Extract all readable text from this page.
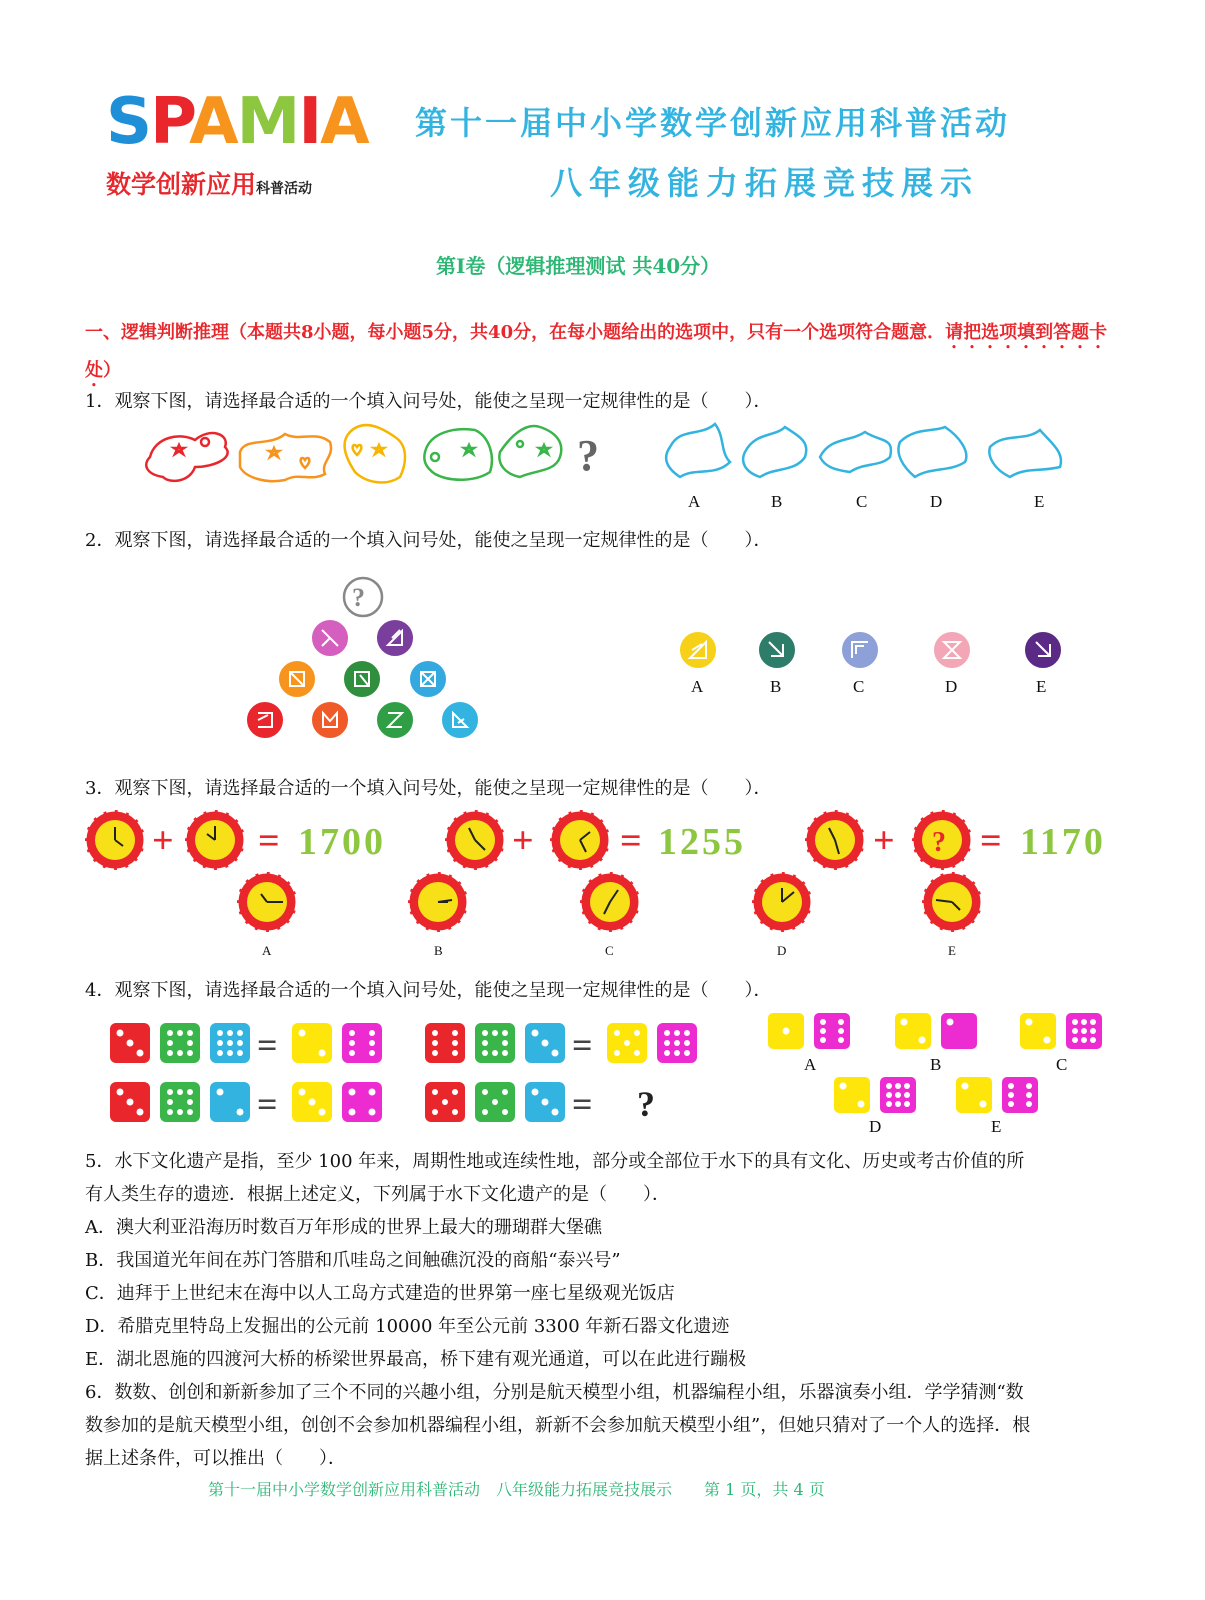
SPAMIA
数学创新应用科普活动
第十一届中小学数学创新应用科普活动
八年级能力拓展竞技展示
第I卷（逻辑推理测试 共40分）
一、逻辑判断推理（本题共8小题，每小题5分，共40分，在每小题给出的选项中，只有一个选项符合题意．请把选项填到答题卡处）
1．观察下图，请选择最合适的一个填入问号处，能使之呈现一定规律性的是（　　）．
?
A	B	C	D	E
2．观察下图，请选择最合适的一个填入问号处，能使之呈现一定规律性的是（　　）．
?
A	B	C	D	E
3．观察下图，请选择最合适的一个填入问号处，能使之呈现一定规律性的是（　　）．
+ = 1700	+ = 1255	+ ? = 1170
A	B	C	D	E
4．观察下图，请选择最合适的一个填入问号处，能使之呈现一定规律性的是（　　）．
=	=
=	= ?
A	B	C
D	E
5．水下文化遗产是指，至少 100 年来，周期性地或连续性地，部分或全部位于水下的具有文化、历史或考古价值的所
有人类生存的遗迹．根据上述定义，下列属于水下文化遗产的是（　　）．
A．澳大利亚沿海历时数百万年形成的世界上最大的珊瑚群大堡礁
B．我国道光年间在苏门答腊和爪哇岛之间触礁沉没的商船“泰兴号”
C．迪拜于上世纪末在海中以人工岛方式建造的世界第一座七星级观光饭店
D．希腊克里特岛上发掘出的公元前 10000 年至公元前 3300 年新石器文化遗迹
E．湖北恩施的四渡河大桥的桥梁世界最高，桥下建有观光通道，可以在此进行蹦极
6．数数、创创和新新参加了三个不同的兴趣小组，分别是航天模型小组，机器编程小组，乐器演奏小组．学学猜测“数
数参加的是航天模型小组，创创不会参加机器编程小组，新新不会参加航天模型小组”，但她只猜对了一个人的选择．根
据上述条件，可以推出（　　）．
第十一届中小学数学创新应用科普活动　八年级能力拓展竞技展示　　第 1 页，共 4 页
